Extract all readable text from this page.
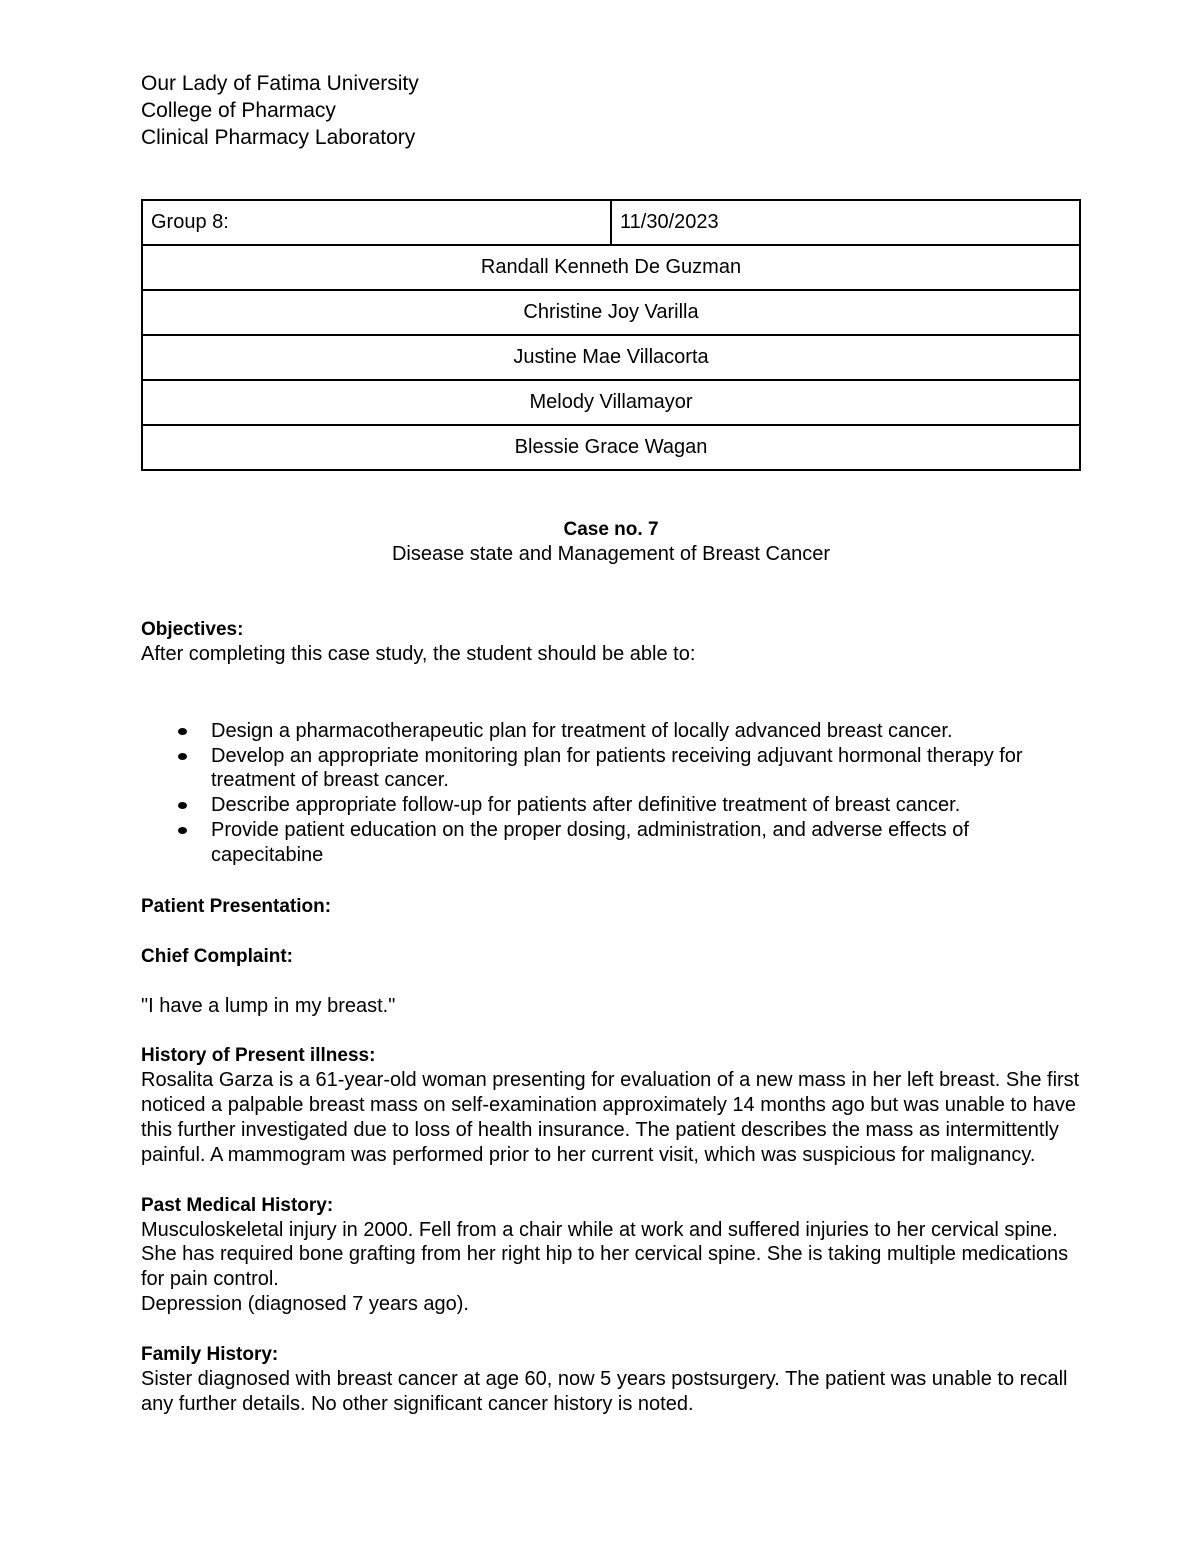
Our Lady of Fatima University

College of Pharmacy

Clinical Pharmacy Laboratory

Group 8:	11/30/2023
Randall Kenneth De Guzman
Christine Joy Varilla
Justine Mae Villacorta
Melody Villamayor
Blessie Grace Wagan
Case no. 7
Disease state and Management of Breast Cancer

Objectives:

After completing this case study, the student should be able to:

Design a pharmacotherapeutic plan for treatment of locally advanced breast cancer.
Develop an appropriate monitoring plan for patients receiving adjuvant hormonal therapy for treatment of breast cancer.
Describe appropriate follow-up for patients after definitive treatment of breast cancer.
Provide patient education on the proper dosing, administration, and adverse effects of capecitabine

Patient Presentation:

Chief Complaint:

"I have a lump in my breast."

History of Present illness:

Rosalita Garza is a 61-year-old woman presenting for evaluation of a new mass in her left breast. She first noticed a palpable breast mass on self-examination approximately 14 months ago but was unable to have this further investigated due to loss of health insurance. The patient describes the mass as intermittently painful. A mammogram was performed prior to her current visit, which was suspicious for malignancy.

Past Medical History:

Musculoskeletal injury in 2000. Fell from a chair while at work and suffered injuries to her cervical spine. She has required bone grafting from her right hip to her cervical spine. She is taking multiple medications for pain control.

Depression (diagnosed 7 years ago).

Family History:

Sister diagnosed with breast cancer at age 60, now 5 years postsurgery. The patient was unable to recall any further details. No other significant cancer history is noted.
